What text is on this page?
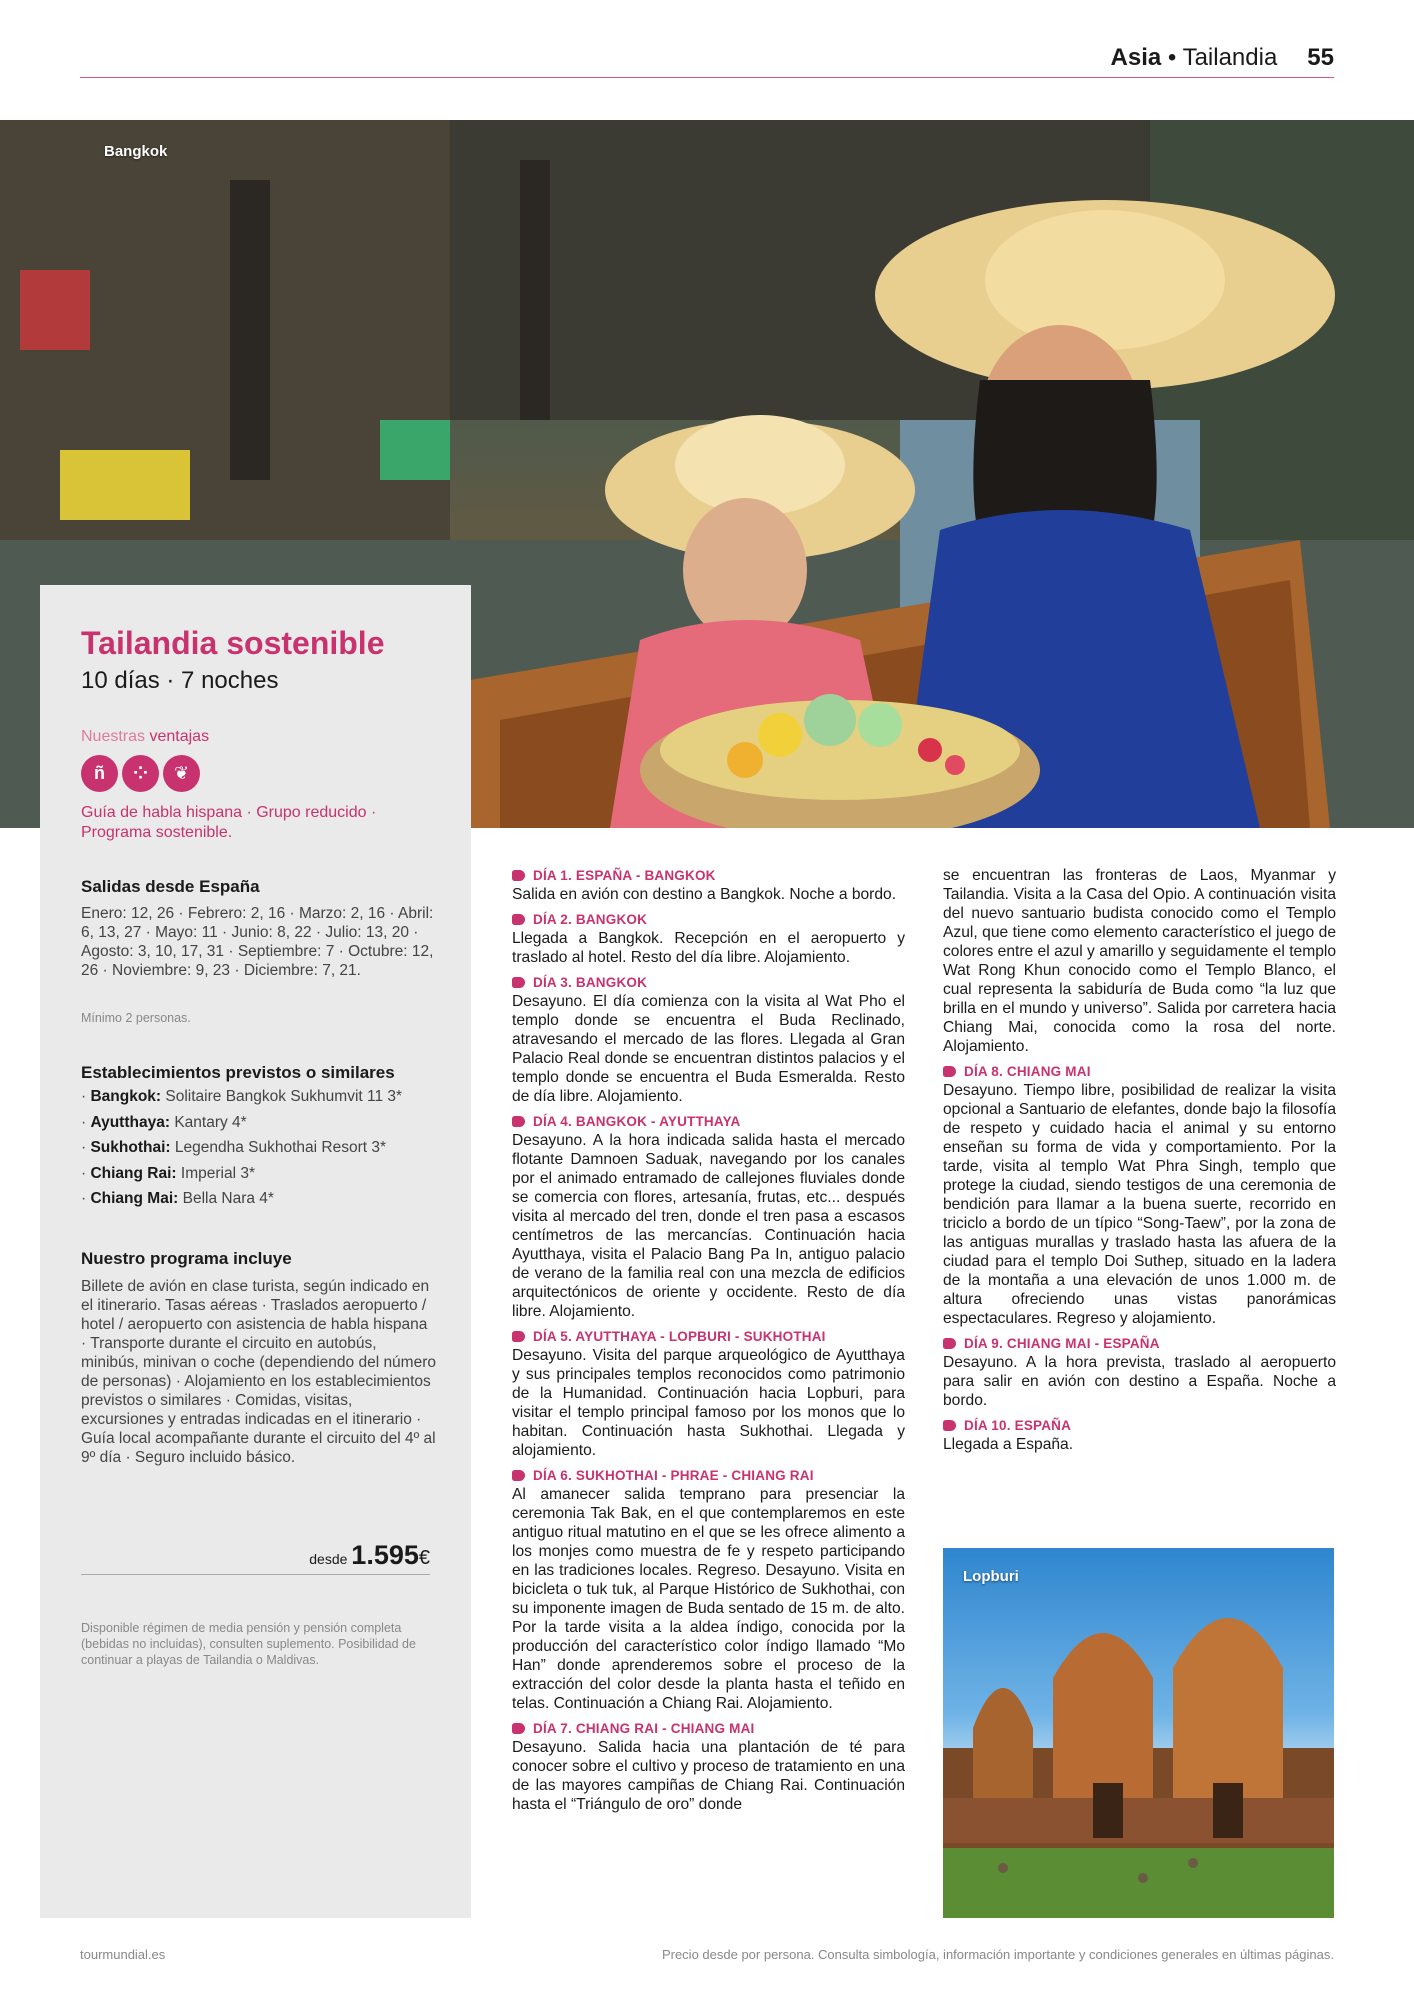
Asia • Tailandia 55
Bangkok
Tailandia sostenible
10 días · 7 noches
Nuestras ventajas
ñ	⁘	❦
Guía de habla hispana · Grupo reducido · Programa sostenible.
Salidas desde España
Enero: 12, 26 · Febrero: 2, 16 · Marzo: 2, 16 · Abril: 6, 13, 27 · Mayo: 11 · Junio: 8, 22 · Julio: 13, 20 · Agosto: 3, 10, 17, 31 · Septiembre: 7 · Octubre: 12, 26 · Noviembre: 9, 23 · Diciembre: 7, 21.
Mínimo 2 personas.
Establecimientos previstos o similares
· Bangkok: Solitaire Bangkok Sukhumvit 11 3*
· Ayutthaya: Kantary 4*
· Sukhothai: Legendha Sukhothai Resort 3*
· Chiang Rai: Imperial 3*
· Chiang Mai: Bella Nara 4*
Nuestro programa incluye
Billete de avión en clase turista, según indicado en el itinerario. Tasas aéreas · Traslados aeropuerto / hotel / aeropuerto con asistencia de habla hispana · Transporte durante el circuito en autobús, minibús, minivan o coche (dependiendo del número de personas) · Alojamiento en los establecimientos previstos o similares · Comidas, visitas, excursiones y entradas indicadas en el itinerario · Guía local acompañante durante el circuito del 4º al 9º día · Seguro incluido básico.
desde 1.595€
Disponible régimen de media pensión y pensión completa (bebidas no incluidas), consulten suplemento. Posibilidad de continuar a playas de Tailandia o Maldivas.
DÍA 1. ESPAÑA - BANGKOK
Salida en avión con destino a Bangkok. Noche a bordo.
DÍA 2. BANGKOK
Llegada a Bangkok. Recepción en el aeropuerto y traslado al hotel. Resto del día libre. Alojamiento.
DÍA 3. BANGKOK
Desayuno. El día comienza con la visita al Wat Pho el templo donde se encuentra el Buda Reclinado, atravesando el mercado de las flores. Llegada al Gran Palacio Real donde se encuentran distintos palacios y el templo donde se encuentra el Buda Esmeralda. Resto de día libre. Alojamiento.
DÍA 4. BANGKOK - AYUTTHAYA
Desayuno. A la hora indicada salida hasta el mercado flotante Damnoen Saduak, navegando por los canales por el animado entramado de callejones fluviales donde se comercia con flores, artesanía, frutas, etc... después visita al mercado del tren, donde el tren pasa a escasos centímetros de las mercancías. Continuación hacia Ayutthaya, visita el Palacio Bang Pa In, antiguo palacio de verano de la familia real con una mezcla de edificios arquitectónicos de oriente y occidente. Resto de día libre. Alojamiento.
DÍA 5. AYUTTHAYA - LOPBURI - SUKHOTHAI
Desayuno. Visita del parque arqueológico de Ayutthaya y sus principales templos reconocidos como patrimonio de la Humanidad. Continuación hacia Lopburi, para visitar el templo principal famoso por los monos que lo habitan. Continuación hasta Sukhothai. Llegada y alojamiento.
DÍA 6. SUKHOTHAI - PHRAE - CHIANG RAI
Al amanecer salida temprano para presenciar la ceremonia Tak Bak, en el que contemplaremos en este antiguo ritual matutino en el que se les ofrece alimento a los monjes como muestra de fe y respeto participando en las tradiciones locales. Regreso. Desayuno. Visita en bicicleta o tuk tuk, al Parque Histórico de Sukhothai, con su imponente imagen de Buda sentado de 15 m. de alto. Por la tarde visita a la aldea índigo, conocida por la producción del característico color índigo llamado “Mo Han” donde aprenderemos sobre el proceso de la extracción del color desde la planta hasta el teñido en telas. Continuación a Chiang Rai. Alojamiento.
DÍA 7. CHIANG RAI - CHIANG MAI
Desayuno. Salida hacia una plantación de té para conocer sobre el cultivo y proceso de tratamiento en una de las mayores campiñas de Chiang Rai. Continuación hasta el “Triángulo de oro” donde
se encuentran las fronteras de Laos, Myanmar y Tailandia. Visita a la Casa del Opio. A continuación visita del nuevo santuario budista conocido como el Templo Azul, que tiene como elemento característico el juego de colores entre el azul y amarillo y seguidamente el templo Wat Rong Khun conocido como el Templo Blanco, el cual representa la sabiduría de Buda como “la luz que brilla en el mundo y universo”. Salida por carretera hacia Chiang Mai, conocida como la rosa del norte. Alojamiento.
DÍA 8. CHIANG MAI
Desayuno. Tiempo libre, posibilidad de realizar la visita opcional a Santuario de elefantes, donde bajo la filosofía de respeto y cuidado hacia el animal y su entorno enseñan su forma de vida y comportamiento. Por la tarde, visita al templo Wat Phra Singh, templo que protege la ciudad, siendo testigos de una ceremonia de bendición para llamar a la buena suerte, recorrido en triciclo a bordo de un típico “Song-Taew”, por la zona de las antiguas murallas y traslado hasta las afuera de la ciudad para el templo Doi Suthep, situado en la ladera de la montaña a una elevación de unos 1.000 m. de altura ofreciendo unas vistas panorámicas espectaculares. Regreso y alojamiento.
DÍA 9. CHIANG MAI - ESPAÑA
Desayuno. A la hora prevista, traslado al aeropuerto para salir en avión con destino a España. Noche a bordo.
DÍA 10. ESPAÑA
Llegada a España.
Lopburi
tourmundial.es	Precio desde por persona. Consulta simbología, información importante y condiciones generales en últimas páginas.
